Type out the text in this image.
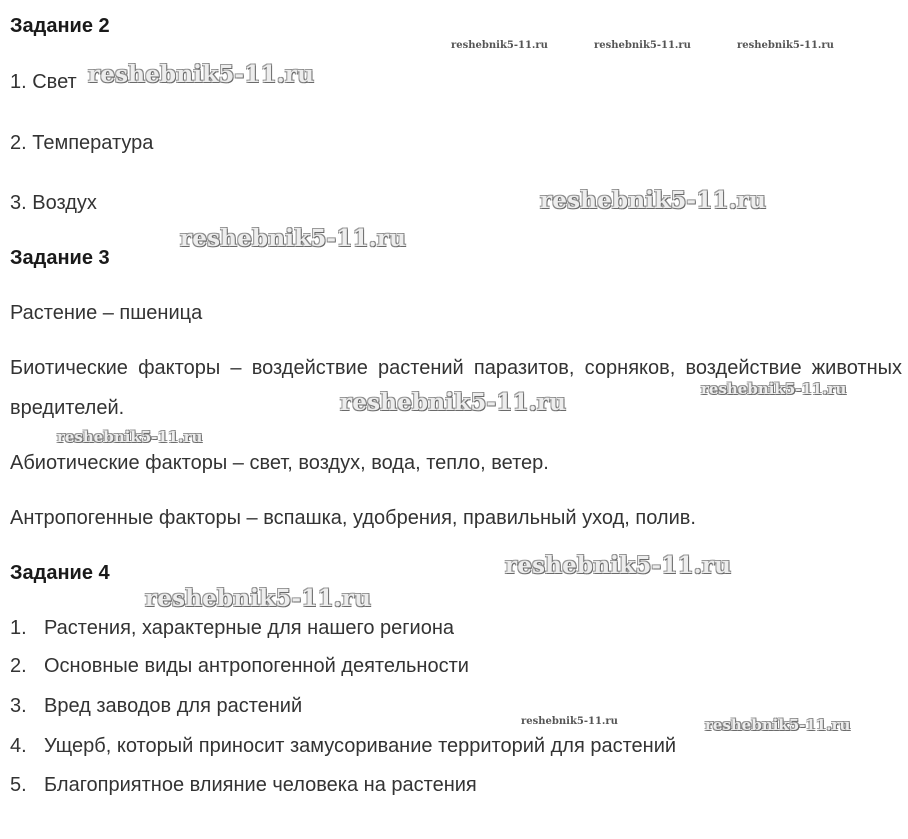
Задание 2
1. Свет
2. Температура
3. Воздух
Задание 3
Растение – пшеница
Биотические факторы – воздействие растений паразитов, сорняков, воздействие животных вредителей.
Абиотические факторы – свет, воздух, вода, тепло, ветер.
Антропогенные факторы – вспашка, удобрения, правильный уход, полив.
Задание 4
1. Растения, характерные для нашего региона
2. Основные виды антропогенной деятельности
3. Вред заводов для растений
4. Ущерб, который приносит замусоривание территорий для растений
5. Благоприятное влияние человека на растения
reshebnik5-11.ru	reshebnik5-11.ru	reshebnik5-11.ru
reshebnik5-11.ru
reshebnik5-11.ru
reshebnik5-11.ru
reshebnik5-11.ru
reshebnik5-11.ru
reshebnik5-11.ru
reshebnik5-11.ru
reshebnik5-11.ru
reshebnik5-11.ru	reshebnik5-11.ru
